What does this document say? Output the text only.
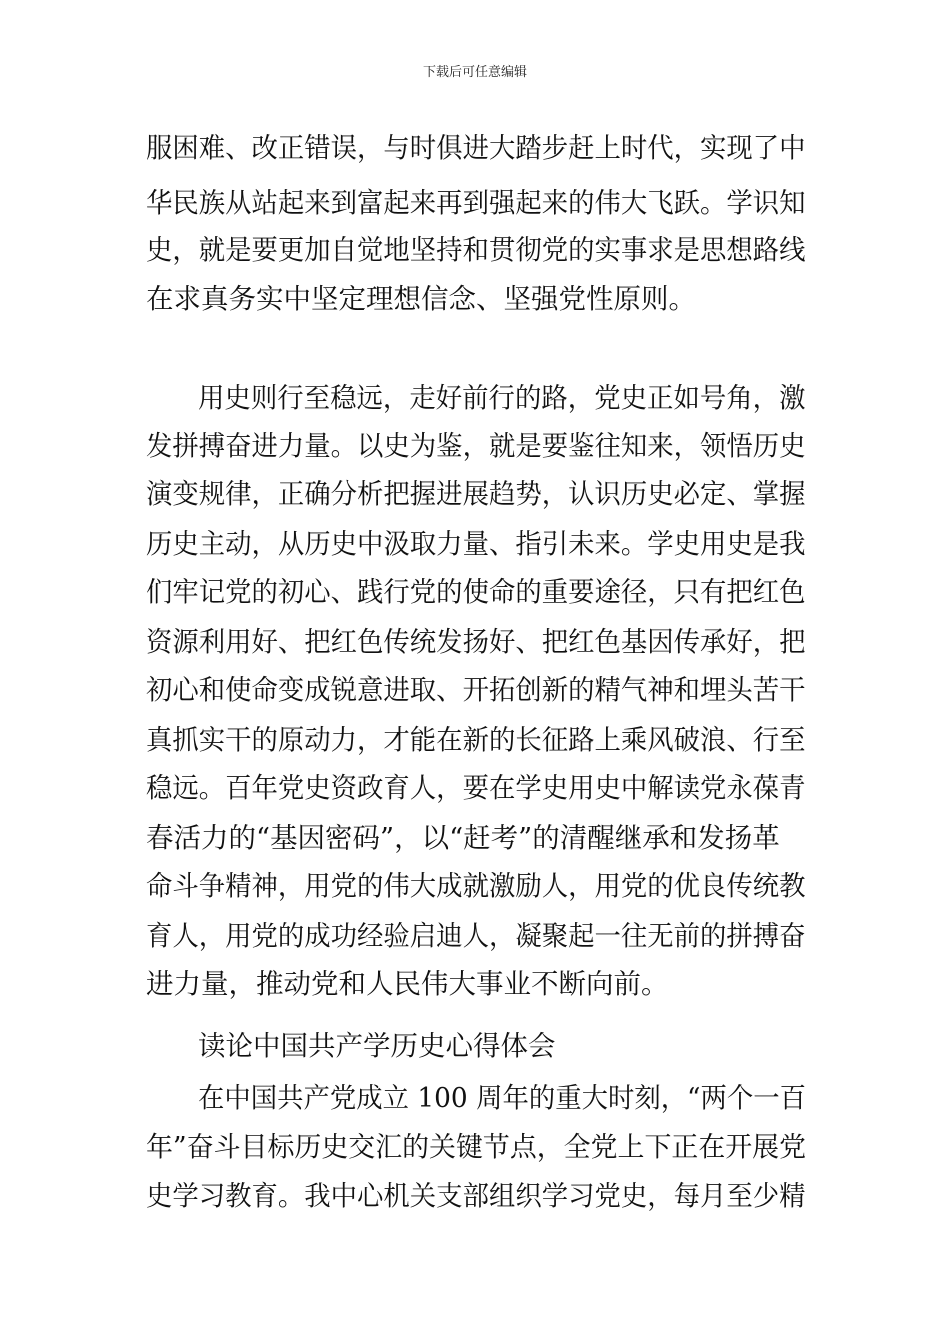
下载后可任意编辑
服困难、改正错误，与时俱进大踏步赶上时代，实现了中
华民族从站起来到富起来再到强起来的伟大飞跃。学识知
史，就是要更加自觉地坚持和贯彻党的实事求是思想路线
在求真务实中坚定理想信念、坚强党性原则。
用史则行至稳远，走好前行的路，党史正如号角，激
发拼搏奋进力量。以史为鉴，就是要鉴往知来，领悟历史
演变规律，正确分析把握进展趋势，认识历史必定、掌握
历史主动，从历史中汲取力量、指引未来。学史用史是我
们牢记党的初心、践行党的使命的重要途径，只有把红色
资源利用好、把红色传统发扬好、把红色基因传承好，把
初心和使命变成锐意进取、开拓创新的精气神和埋头苦干
真抓实干的原动力，才能在新的长征路上乘风破浪、行至
稳远。百年党史资政育人，要在学史用史中解读党永葆青
春活力的“基因密码”，以“赶考”的清醒继承和发扬革
命斗争精神，用党的伟大成就激励人，用党的优良传统教
育人，用党的成功经验启迪人，凝聚起一往无前的拼搏奋
进力量，推动党和人民伟大事业不断向前。
读论中国共产学历史心得体会
在中国共产党成立 100 周年的重大时刻，“两个一百
年”奋斗目标历史交汇的关键节点，全党上下正在开展党
史学习教育。我中心机关支部组织学习党史，每月至少精
